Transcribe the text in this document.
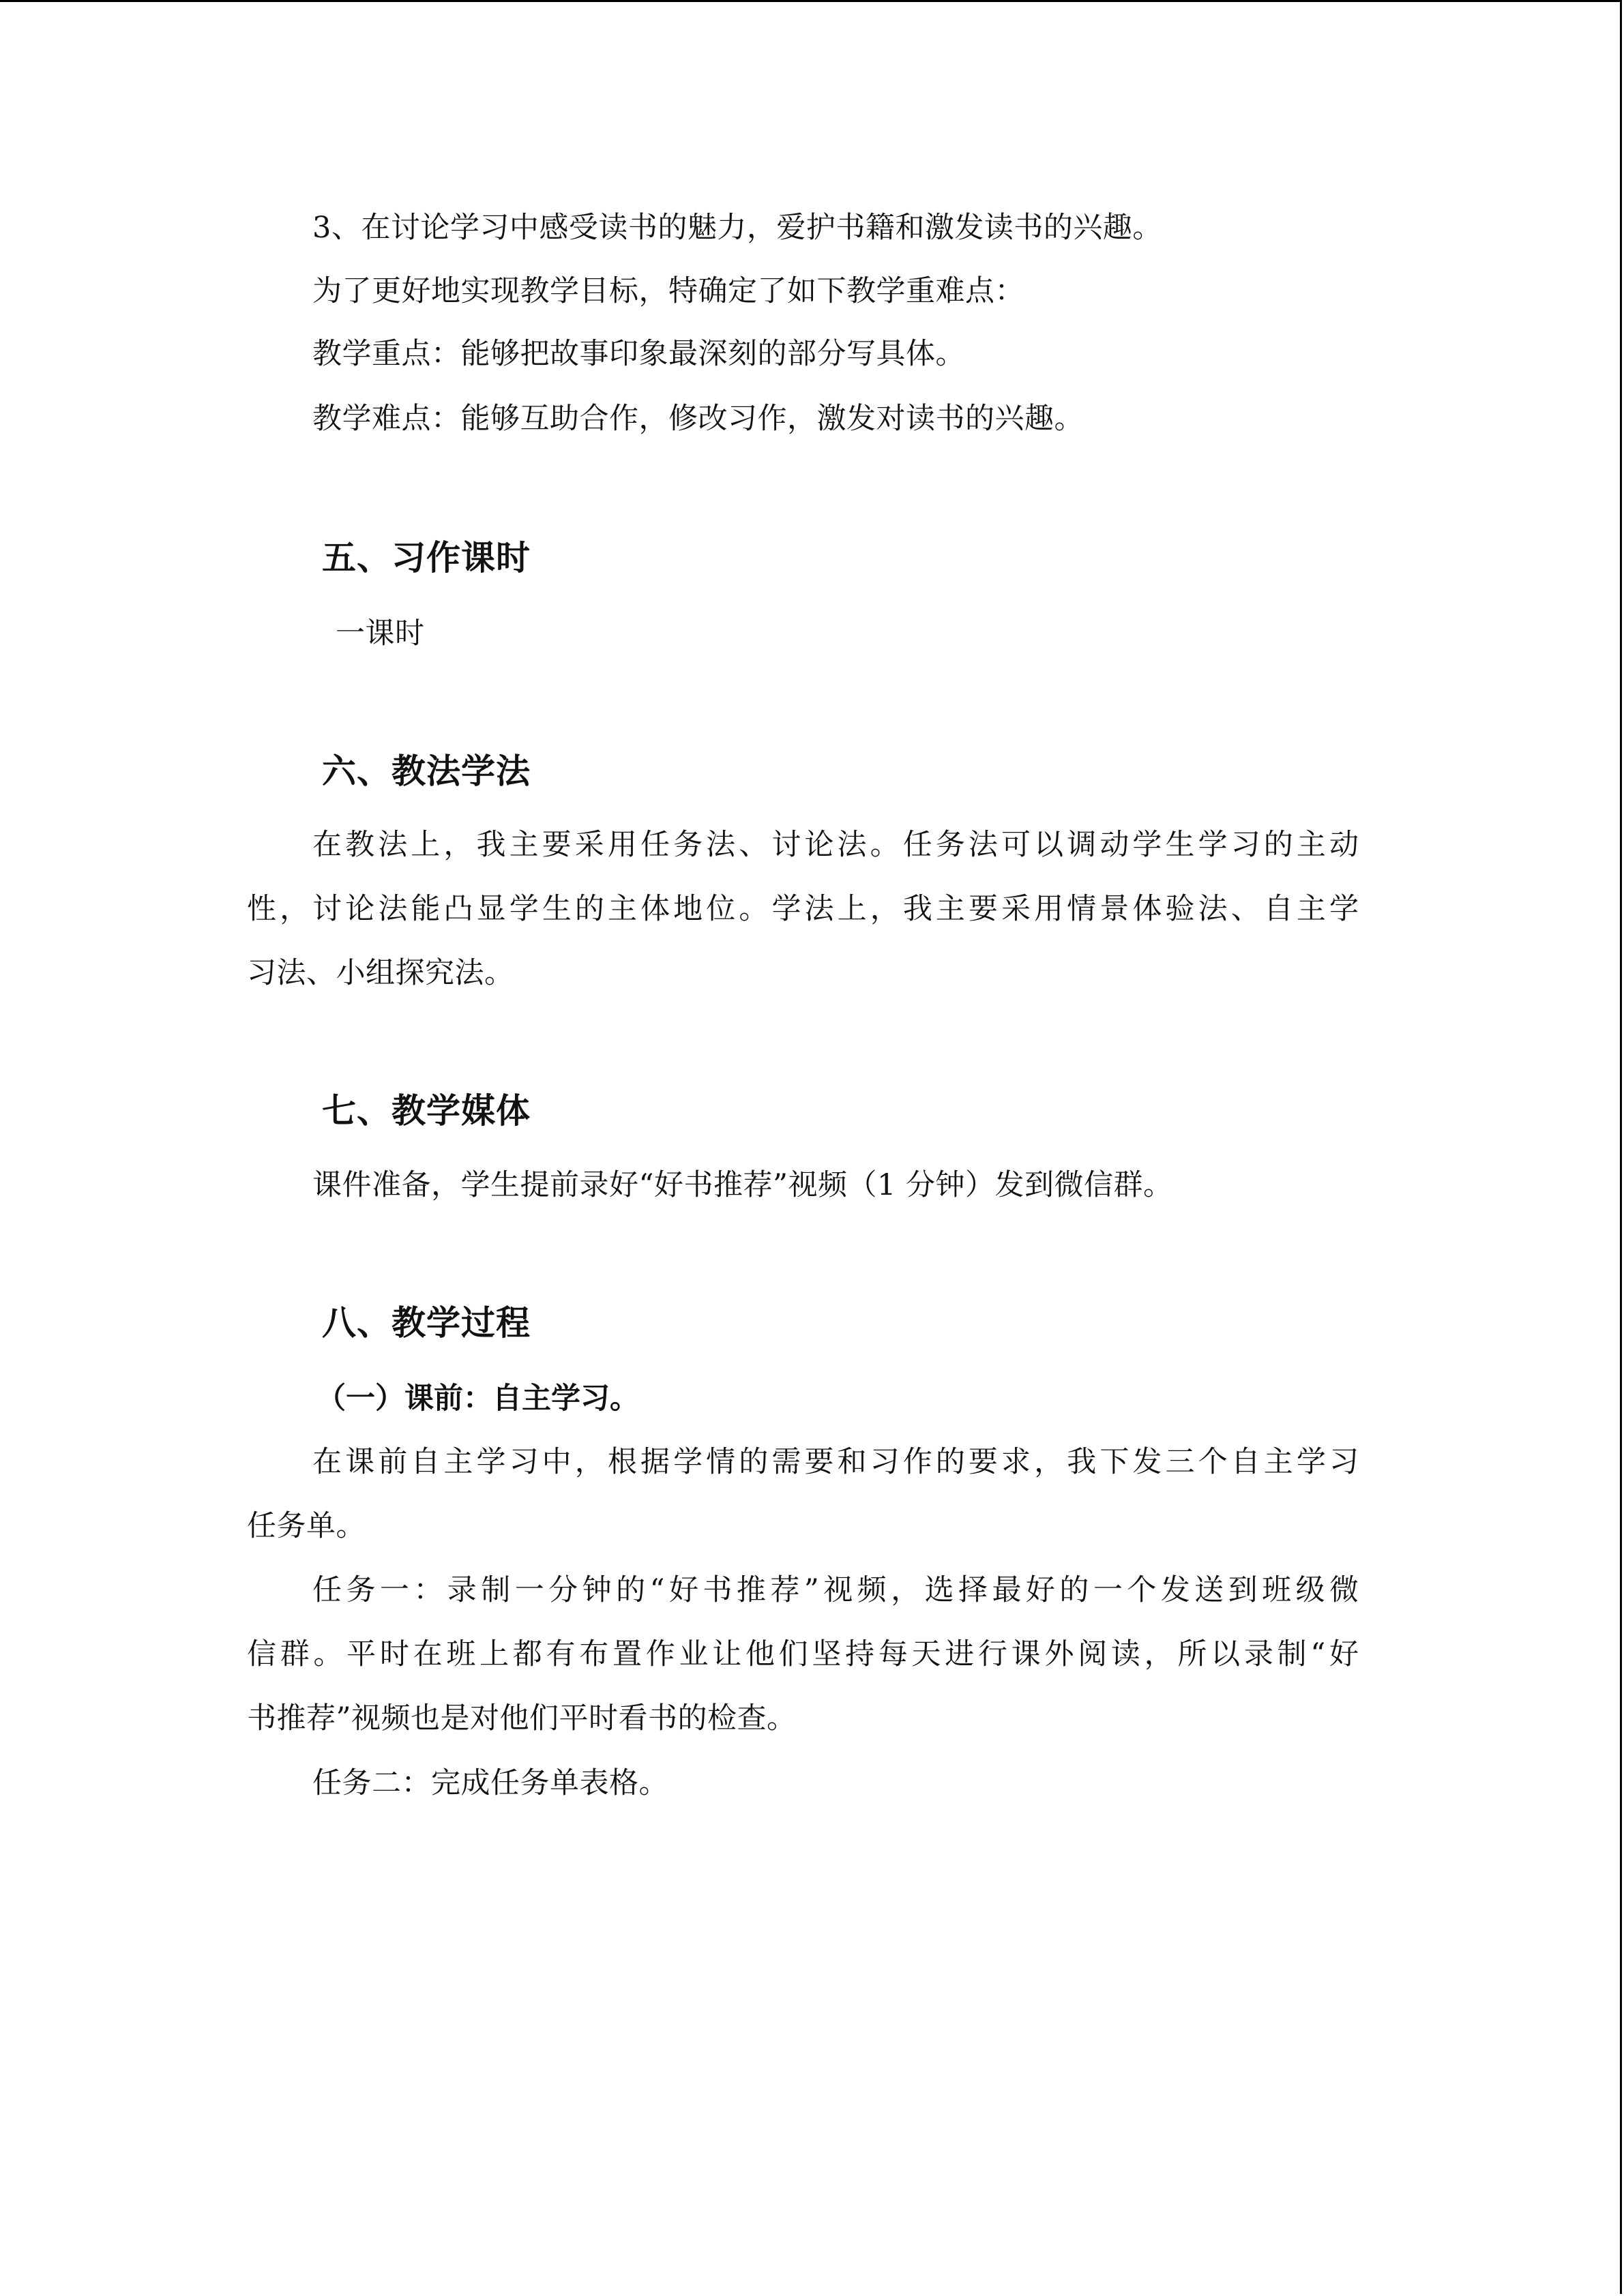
3、在讨论学习中感受读书的魅力，爱护书籍和激发读书的兴趣。
为了更好地实现教学目标，特确定了如下教学重难点：
教学重点：能够把故事印象最深刻的部分写具体。
教学难点：能够互助合作，修改习作，激发对读书的兴趣。
五、习作课时
一课时
六、教法学法
在教法上，我主要采用任务法、讨论法。任务法可以调动学生学习的主动
性，讨论法能凸显学生的主体地位。学法上，我主要采用情景体验法、自主学
习法、小组探究法。
七、教学媒体
课件准备，学生提前录好“好书推荐”视频（1 分钟）发到微信群。
八、教学过程
（一）课前：自主学习。
在课前自主学习中，根据学情的需要和习作的要求，我下发三个自主学习
任务单。
任务一：录制一分钟的“好书推荐”视频，选择最好的一个发送到班级微
信群。平时在班上都有布置作业让他们坚持每天进行课外阅读，所以录制“好
书推荐”视频也是对他们平时看书的检查。
任务二：完成任务单表格。
